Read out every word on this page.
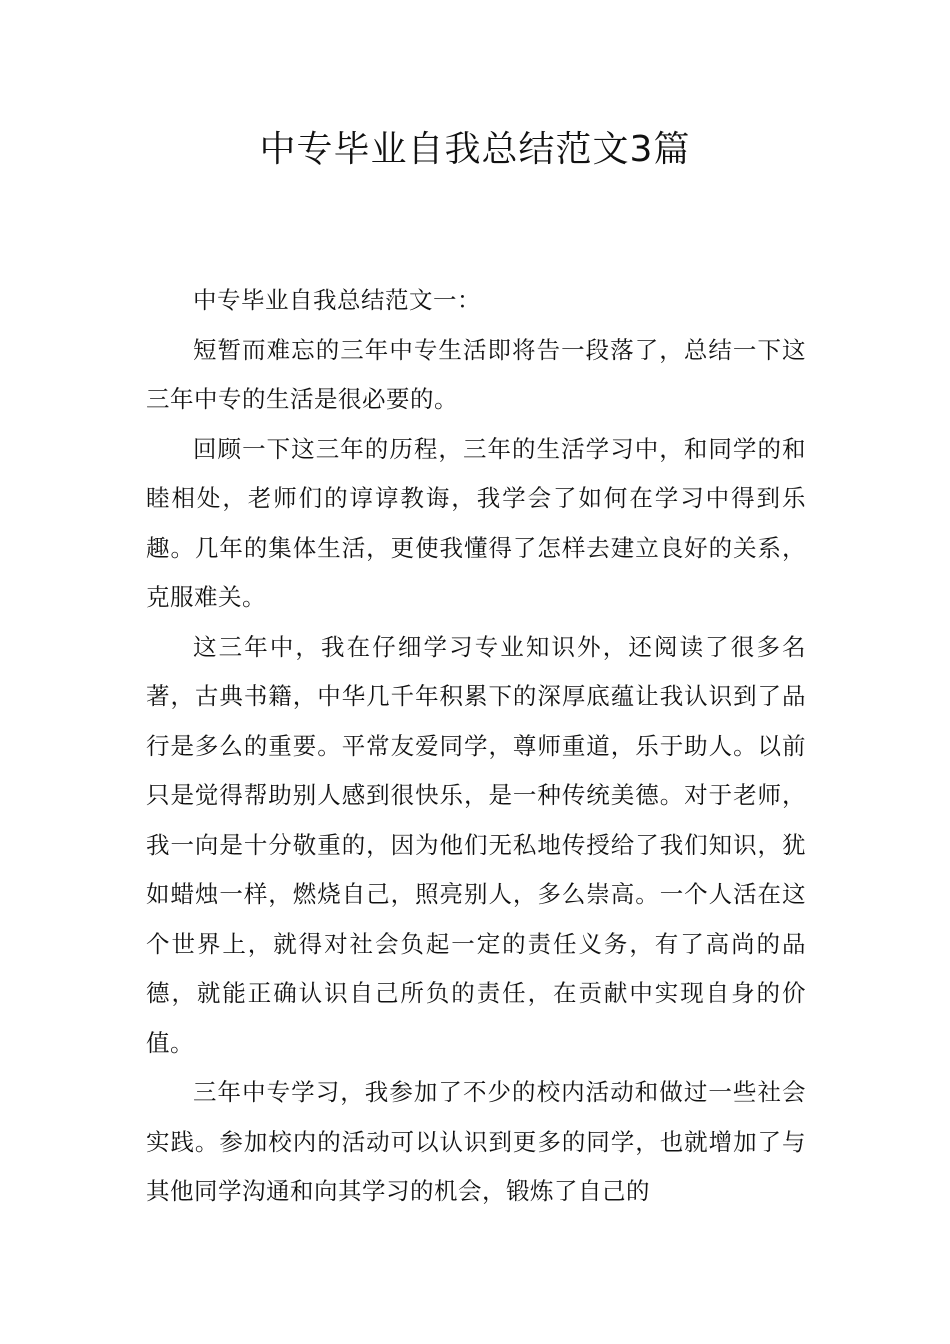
中专毕业自我总结范文3篇

中专毕业自我总结范文一：

短暂而难忘的三年中专生活即将告一段落了，总结一下这三年中专的生活是很必要的。

回顾一下这三年的历程，三年的生活学习中，和同学的和睦相处，老师们的谆谆教诲，我学会了如何在学习中得到乐趣。几年的集体生活，更使我懂得了怎样去建立良好的关系，克服难关。

这三年中，我在仔细学习专业知识外，还阅读了很多名著，古典书籍，中华几千年积累下的深厚底蕴让我认识到了品行是多么的重要。平常友爱同学，尊师重道，乐于助人。以前只是觉得帮助别人感到很快乐，是一种传统美德。对于老师，我一向是十分敬重的，因为他们无私地传授给了我们知识，犹如蜡烛一样，燃烧自己，照亮别人，多么崇高。一个人活在这个世界上，就得对社会负起一定的责任义务，有了高尚的品德，就能正确认识自己所负的责任，在贡献中实现自身的价值。

三年中专学习，我参加了不少的校内活动和做过一些社会实践。参加校内的活动可以认识到更多的同学，也就增加了与其他同学沟通和向其学习的机会，锻炼了自己的
